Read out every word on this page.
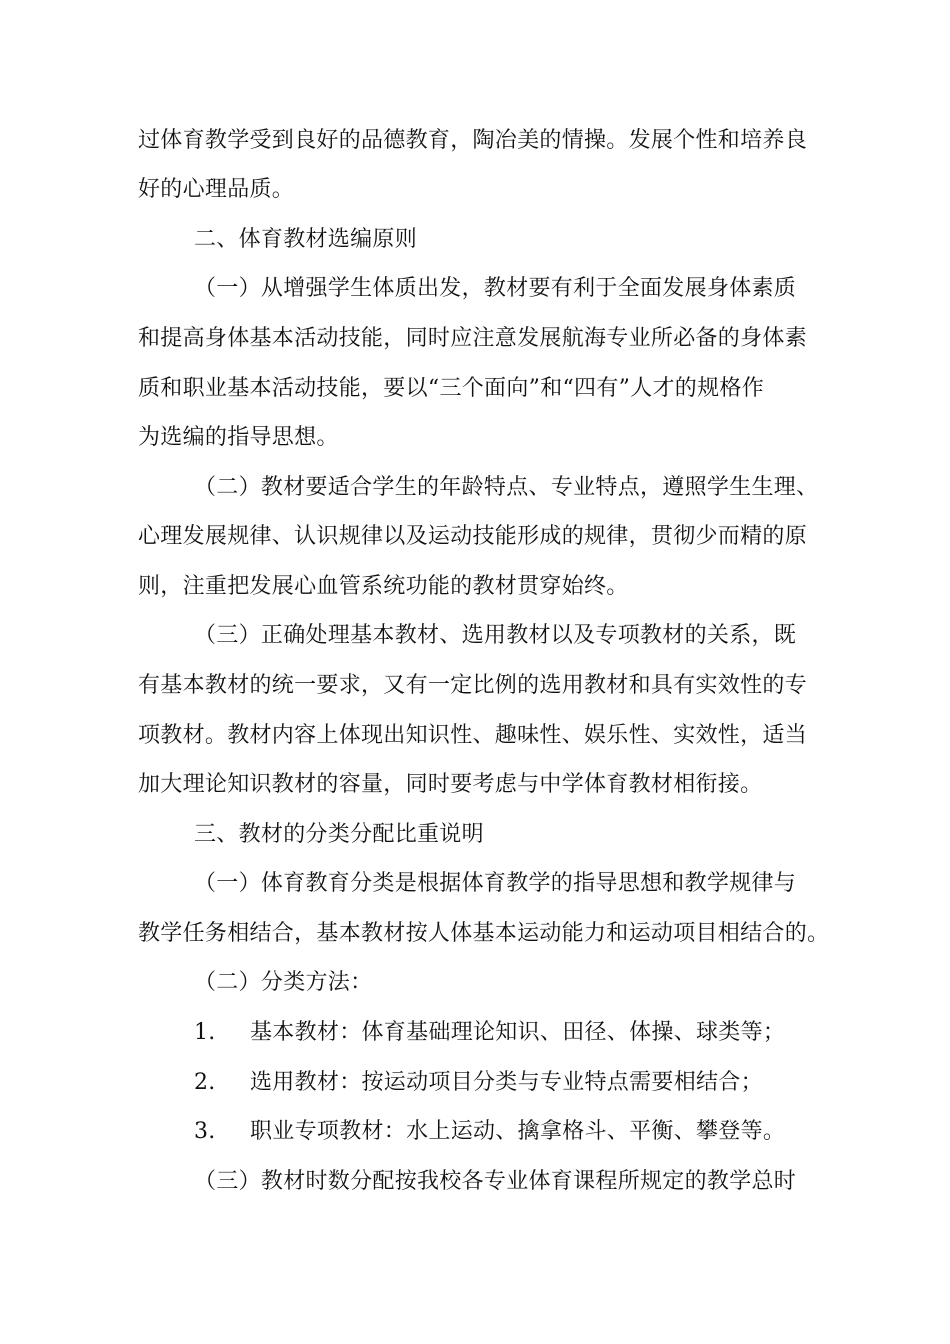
过体育教学受到良好的品德教育，陶冶美的情操。发展个性和培养良
好的心理品质。
二、体育教材选编原则
（一）从增强学生体质出发，教材要有利于全面发展身体素质
和提高身体基本活动技能，同时应注意发展航海专业所必备的身体素
质和职业基本活动技能，要以“三个面向”和“四有”人才的规格作
为选编的指导思想。
（二）教材要适合学生的年龄特点、专业特点，遵照学生生理、
心理发展规律、认识规律以及运动技能形成的规律，贯彻少而精的原
则，注重把发展心血管系统功能的教材贯穿始终。
（三）正确处理基本教材、选用教材以及专项教材的关系，既
有基本教材的统一要求，又有一定比例的选用教材和具有实效性的专
项教材。教材内容上体现出知识性、趣味性、娱乐性、实效性，适当
加大理论知识教材的容量，同时要考虑与中学体育教材相衔接。
三、教材的分类分配比重说明
（一）体育教育分类是根据体育教学的指导思想和教学规律与
教学任务相结合，基本教材按人体基本运动能力和运动项目相结合的。
（二）分类方法：
1. 基本教材：体育基础理论知识、田径、体操、球类等；
2. 选用教材：按运动项目分类与专业特点需要相结合；
3. 职业专项教材：水上运动、擒拿格斗、平衡、攀登等。
（三）教材时数分配按我校各专业体育课程所规定的教学总时
